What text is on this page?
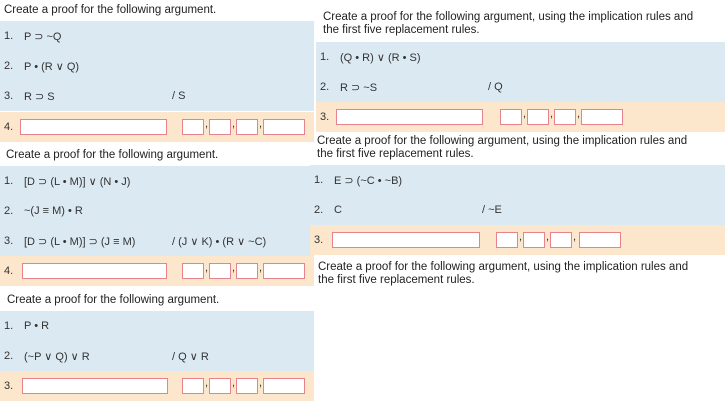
Create a proof for the following argument.
1. P ⊃ ~Q
2. P • (R ∨ Q)
3. R ⊃ S	/ S
4.	, , ,
Create a proof for the following argument.
1. [D ⊃ (L • M)] ∨ (N • J)
2. ~(J ≡ M) • R
3. [D ⊃ (L • M)] ⊃ (J ≡ M)	/ (J ∨ K) • (R ∨ ~C)
4.	, , ,
Create a proof for the following argument.
1. P • R
2. (~P ∨ Q) ∨ R	/ Q ∨ R
3.	, , ,
Create a proof for the following argument, using the implication rules and
the first five replacement rules.
1. (Q • R) ∨ (R • S)
2. R ⊃ ~S	/ Q
3.	, , ,
Create a proof for the following argument, using the implication rules and
the first five replacement rules.
1. E ⊃ (~C • ~B)
2. C	/ ~E
3.	, , ,
Create a proof for the following argument, using the implication rules and
the first five replacement rules.
